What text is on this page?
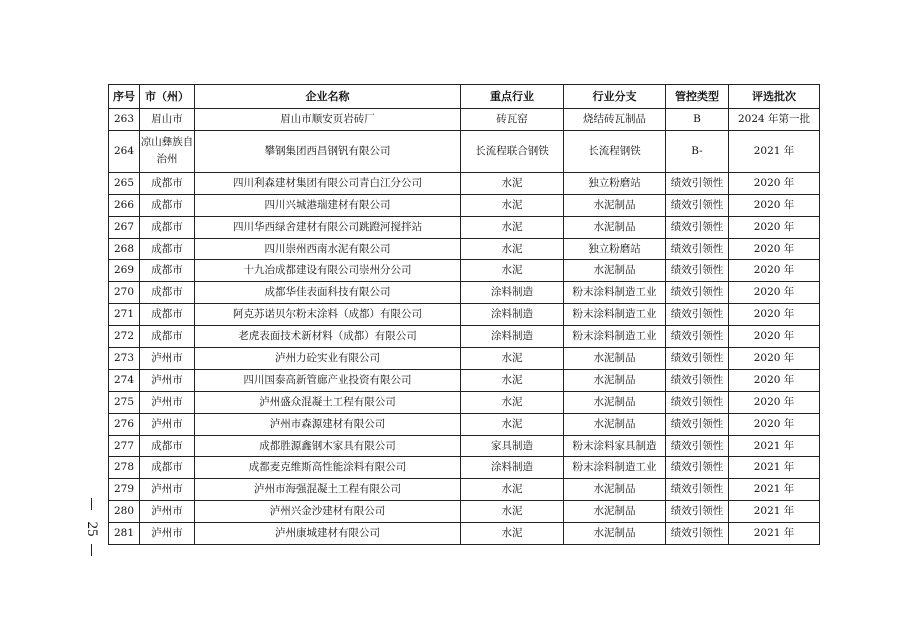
序号	市（州）	企业名称	重点行业	行业分支	管控类型	评选批次
263	眉山市	眉山市顺安页岩砖厂	砖瓦窑	烧结砖瓦制品	B	2024 年第一批
264	凉山彝族自治州	攀钢集团西昌钢钒有限公司	长流程联合钢铁	长流程钢铁	B-	2021 年
265	成都市	四川利森建材集团有限公司青白江分公司	水泥	独立粉磨站	绩效引领性	2020 年
266	成都市	四川兴城港瑞建材有限公司	水泥	水泥制品	绩效引领性	2020 年
267	成都市	四川华西绿舍建材有限公司跳蹬河搅拌站	水泥	水泥制品	绩效引领性	2020 年
268	成都市	四川崇州西南水泥有限公司	水泥	独立粉磨站	绩效引领性	2020 年
269	成都市	十九冶成都建设有限公司崇州分公司	水泥	水泥制品	绩效引领性	2020 年
270	成都市	成都华佳表面科技有限公司	涂料制造	粉末涂料制造工业	绩效引领性	2020 年
271	成都市	阿克苏诺贝尔粉末涂料（成都）有限公司	涂料制造	粉末涂料制造工业	绩效引领性	2020 年
272	成都市	老虎表面技术新材料（成都）有限公司	涂料制造	粉末涂料制造工业	绩效引领性	2020 年
273	泸州市	泸州力砼实业有限公司	水泥	水泥制品	绩效引领性	2020 年
274	泸州市	四川国泰高新管廊产业投资有限公司	水泥	水泥制品	绩效引领性	2020 年
275	泸州市	泸州盛众混凝土工程有限公司	水泥	水泥制品	绩效引领性	2020 年
276	泸州市	泸州市森源建材有限公司	水泥	水泥制品	绩效引领性	2020 年
277	成都市	成都胜源鑫钢木家具有限公司	家具制造	粉末涂料家具制造	绩效引领性	2021 年
278	成都市	成都麦克维斯高性能涂料有限公司	涂料制造	粉末涂料制造工业	绩效引领性	2021 年
279	泸州市	泸州市海强混凝土工程有限公司	水泥	水泥制品	绩效引领性	2021 年
280	泸州市	泸州兴金沙建材有限公司	水泥	水泥制品	绩效引领性	2021 年
281	泸州市	泸州康城建材有限公司	水泥	水泥制品	绩效引领性	2021 年
25
